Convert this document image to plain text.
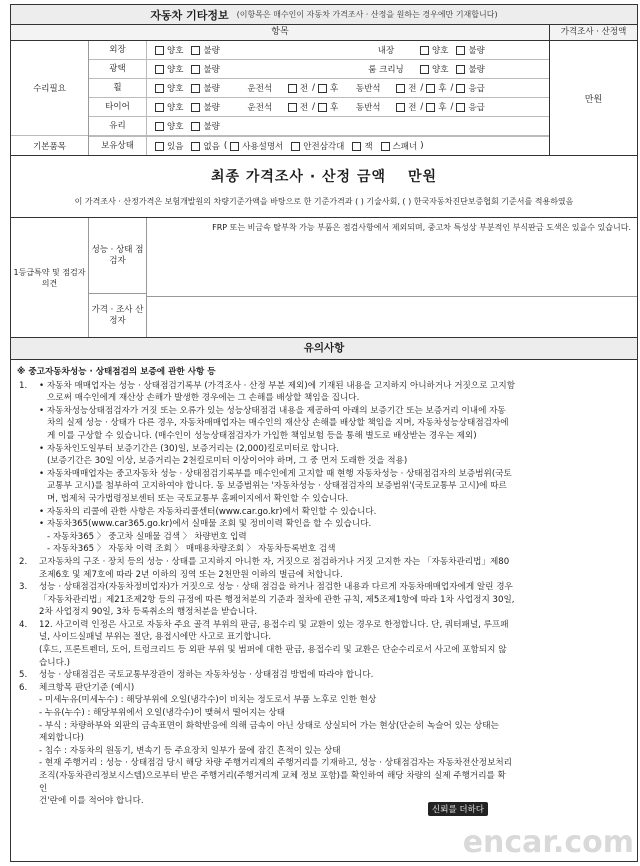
자동차 기타정보 (이항목은 매수인이 자동차 가격조사 · 산정을 원하는 경우에만 기재합니다)
항목	가격조사 · 산정액
수리필요
기본품목
외장	양호 불량	내장	양호 불량
광택	양호 불량	룸 크리닝	양호 불량
휠	양호 불량	운전석	전 / 후	동반석	전 / 후 / 응급
타이어	양호 불량	운전석	전 / 후	동반석	전 / 후 / 응급
유리	양호 불량
보유상태	있음 없음 ( 사용설명서 안전삼각대 잭 스패너 )
만원
최종 가격조사 · 산정 금액 만원
이 가격조사 · 산정가격은 보험개발원의 차량기준가액을 바탕으로 한 기준가격과 ( ) 기술사회, ( ) 한국자동차진단보증협회 기준서를 적용하였음
1등급특약 및 점검자의견
성능 · 상태 점검자
가격 · 조사 산정자
FRP 또는 비금속 탈부착 가능 부품은 점검사항에서 제외되며, 중고차 특성상 부분적인 부식판금 도색은 있을수 있습니다.
유의사항
※ 중고자동차성능 · 상태점검의 보증에 관한 사항 등
1.
•	자동차 매매업자는 성능 · 상태점검기록부 (가격조사 · 산정 부분 제외)에 기재된 내용을 고지하지 아니하거나 거짓으로 고지함
으로써 매수인에게 재산상 손해가 발생한 경우에는 그 손해를 배상할 책임을 집니다.
• 자동차성능상태점검자가 거짓 또는 오류가 있는 성능상태점검 내용을 제공하여 아래의 보증기간 또는 보증거리 이내에 자동
차의 실제 성능 · 상태가 다른 경우, 자동차매매업자는 매수인의 재산상 손해를 배상할 책임을 지며, 자동차성능상태점검자에
게 이를 구상할 수 있습니다. (매수인이 성능상태점검자가 가입한 책임보험 등을 통해 별도로 배상받는 경우는 제외)
• 자동차인도일부터 보증기간은 (30)일, 보증거리는 (2,000)킬로미터로 합니다.
(보증기간은 30일 이상, 보증거리는 2천킬로미터 이상이어야 하며, 그 중 먼저 도래한 것을 적용)
• 자동차매매업자는 중고자동차 성능 · 상태점검기록부를 매수인에게 고지할 때 현행 자동차성능 · 상태점검자의 보증범위(국토
교통부 고시)를 첨부하여 고지하여야 합니다. 동 보증범위는 '자동차성능 · 상태점검자의 보증범위'(국토교통부 고시)에 따르
며, 법제처 국가법령정보센터 또는 국토교통부 홈페이지에서 확인할 수 있습니다.
• 자동차의 리콜에 관한 사항은 자동차리콜센터(www.car.go.kr)에서 확인할 수 있습니다.
• 자동차365(www.car365.go.kr)에서 실매물 조회 및 정비이력 확인을 할 수 있습니다.
- 자동차365 〉 중고차 실매물 검색 〉 차량번호 입력
- 자동차365 〉 자동차 이력 조회 〉 매매용차량조회 〉 자동차등록번호 검색
2.	고자동차의 구조 · 장치 등의 성능 · 상태를 고지하지 아니한 자, 거짓으로 점검하거나 거짓 고지한 자는 「자동차관리법」제80
조제6호 및 제7호에 따라 2년 이하의 징역 또는 2천만원 이하의 벌금에 처합니다.
3.	성능 · 상태점검자(자동차정비업자)가 거짓으로 성능 · 상태 점검을 하거나 점검한 내용과 다르게 자동차매매업자에게 알린 경우
「자동차관리법」제21조제2항 등의 규정에 따른 행정처분의 기준과 절차에 관한 규칙, 제5조제1항에 따라 1차 사업정지 30일,
2차 사업정지 90일, 3차 등록취소의 행정처분을 받습니다.
4.	12. 사고이력 인정은 사고로 자동차 주요 골격 부위의 판금, 용접수리 및 교환이 있는 경우로 한정합니다. 단, 쿼터패널, 루프패
널, 사이드실패널 부위는 절단, 용접시에만 사고로 표기합니다.
(후드, 프론트펜더, 도어, 트렁크리드 등 외판 부위 및 범퍼에 대한 판금, 용접수리 및 교환은 단순수리로서 사고에 포함되지 않
습니다.)
5.	성능 · 상태점검은 국토교통부장관이 정하는 자동차성능 · 상태점검 방법에 따라야 합니다.
6.	체크항목 판단기준 (예시)
- 미세누유(미세누수) : 해당부위에 오일(냉각수)이 비치는 정도로서 부품 노후로 인한 현상
- 누유(누수) : 해당부위에서 오일(냉각수)이 맺혀서 떨어지는 상태
- 부식 : 차량하부와 외판의 금속표면이 화학반응에 의해 금속이 아닌 상태로 상실되어 가는 현상(단순히 녹슬어 있는 상태는
제외합니다)
- 침수 : 자동차의 원동기, 변속기 등 주요장치 일부가 물에 잠긴 흔적이 있는 상태
- 현재 주행거리 : 성능 · 상태점검 당시 해당 차량 주행거리계의 주행거리를 기재하고, 성능 · 상태점검자는 자동차전산정보처리
조직(자동차관리정보시스템)으로부터 받은 주행거리(주행거리계 교체 정보 포함)를 확인하여 해당 차량의 실제 주행거리를 확
인
건'란에 이를 적어야 합니다.
신뢰를 더하다
encar.com
